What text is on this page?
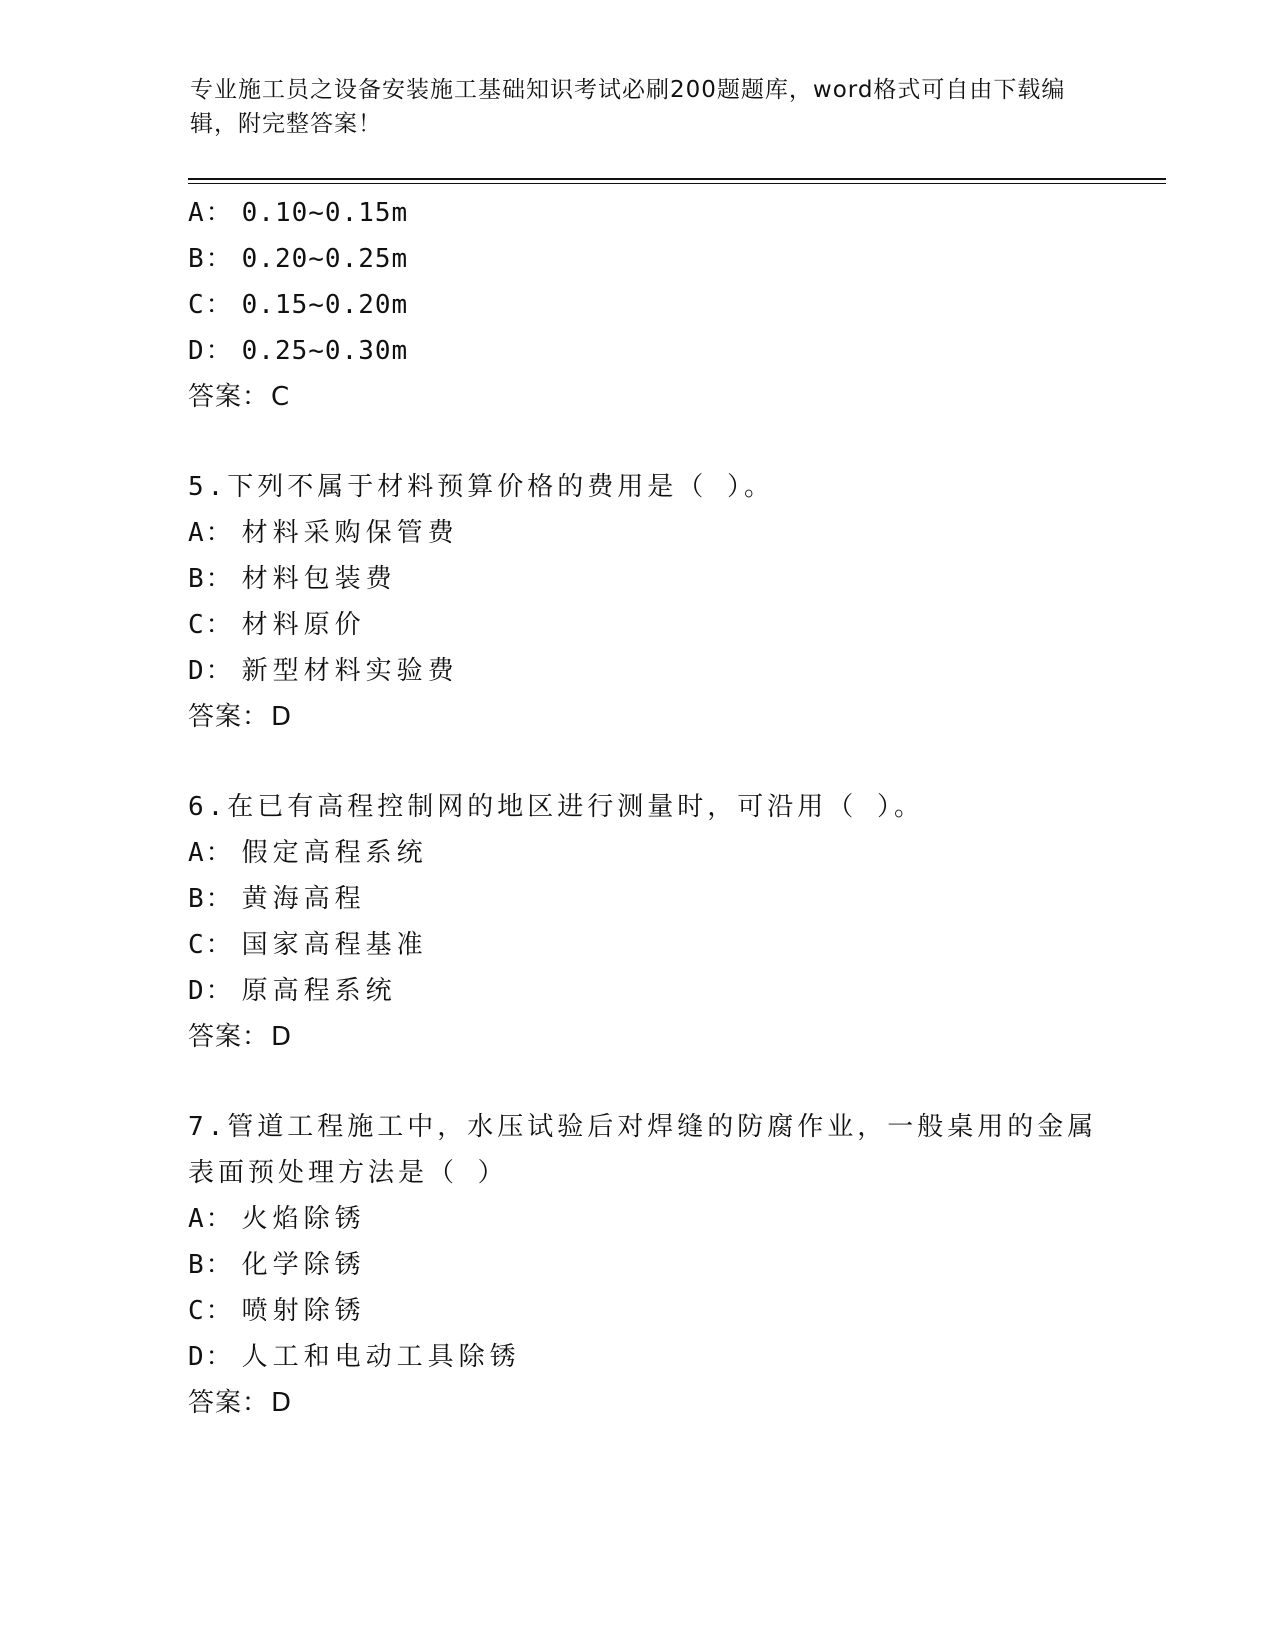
专业施工员之设备安装施工基础知识考试必刷200题题库，word格式可自由下载编辑，附完整答案！
A： 0.10~0.15m
B： 0.20~0.25m
C： 0.15~0.20m
D： 0.25~0.30m
答案：C
5.下列不属于材料预算价格的费用是（ ）。
A： 材料采购保管费
B： 材料包装费
C： 材料原价
D： 新型材料实验费
答案：D
6.在已有高程控制网的地区进行测量时，可沿用（ ）。
A： 假定高程系统
B： 黄海高程
C： 国家高程基准
D： 原高程系统
答案：D
7.管道工程施工中，水压试验后对焊缝的防腐作业，一般桌用的金属表面预处理方法是（ ）
A： 火焰除锈
B： 化学除锈
C： 喷射除锈
D： 人工和电动工具除锈
答案：D
